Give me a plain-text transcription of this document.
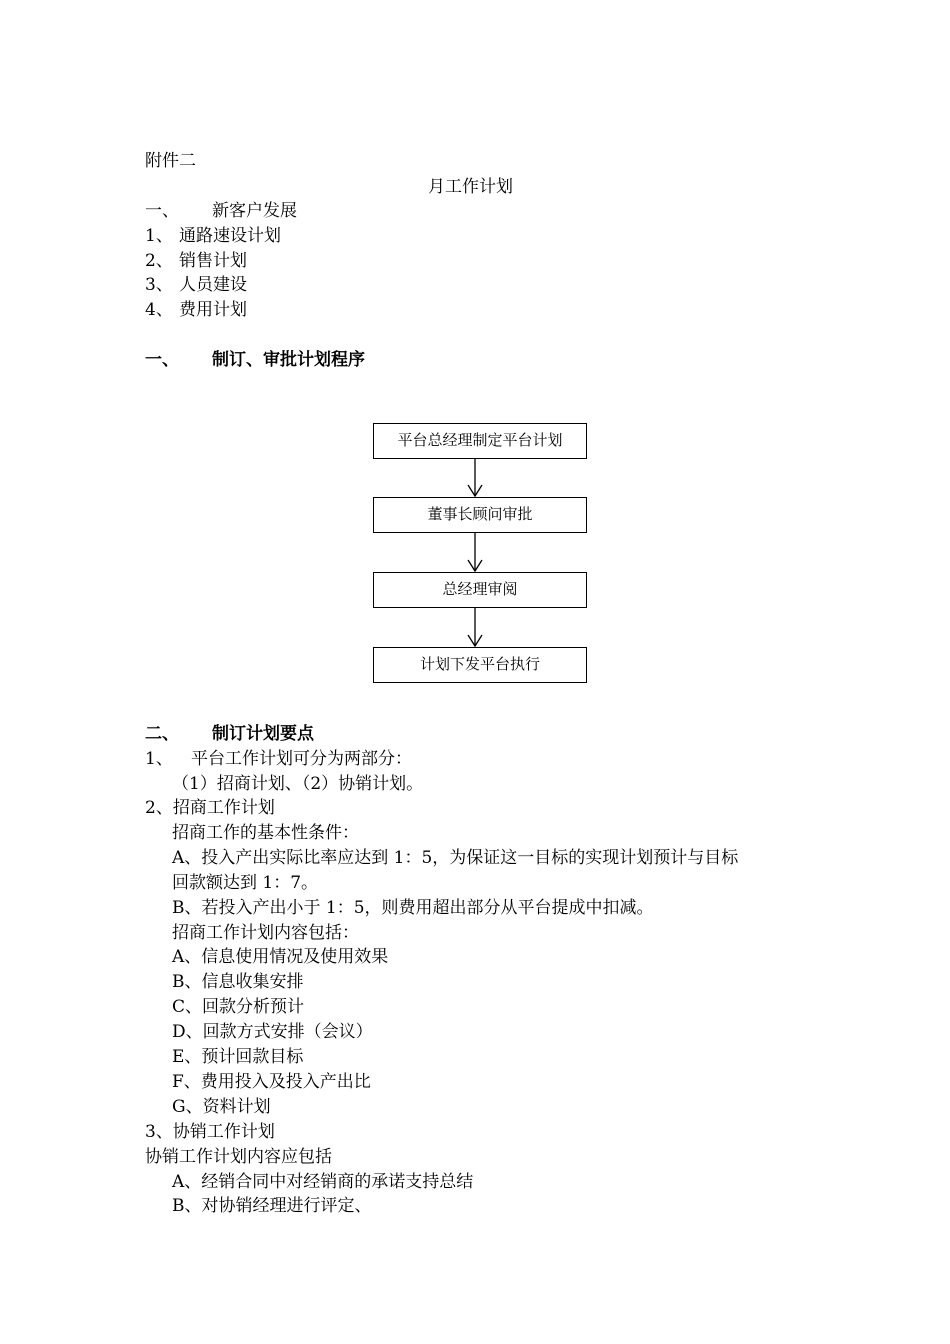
附件二
月工作计划
一、 新客户发展
1、 通路速设计划
2、 销售计划
3、 人员建设
4、 费用计划
一、 制订、审批计划程序
平台总经理制定平台计划
董事长顾问审批
总经理审阅
计划下发平台执行
二、 制订计划要点
1、 平台工作计划可分为两部分：
（1）招商计划、（2）协销计划。
2、招商工作计划
招商工作的基本性条件：
A、投入产出实际比率应达到 1：5，为保证这一目标的实现计划预计与目标
回款额达到 1：7。
B、若投入产出小于 1：5，则费用超出部分从平台提成中扣减。
招商工作计划内容包括：
A、信息使用情况及使用效果
B、信息收集安排
C、回款分析预计
D、回款方式安排（会议）
E、预计回款目标
F、费用投入及投入产出比
G、资料计划
3、协销工作计划
协销工作计划内容应包括
A、经销合同中对经销商的承诺支持总结
B、对协销经理进行评定、
